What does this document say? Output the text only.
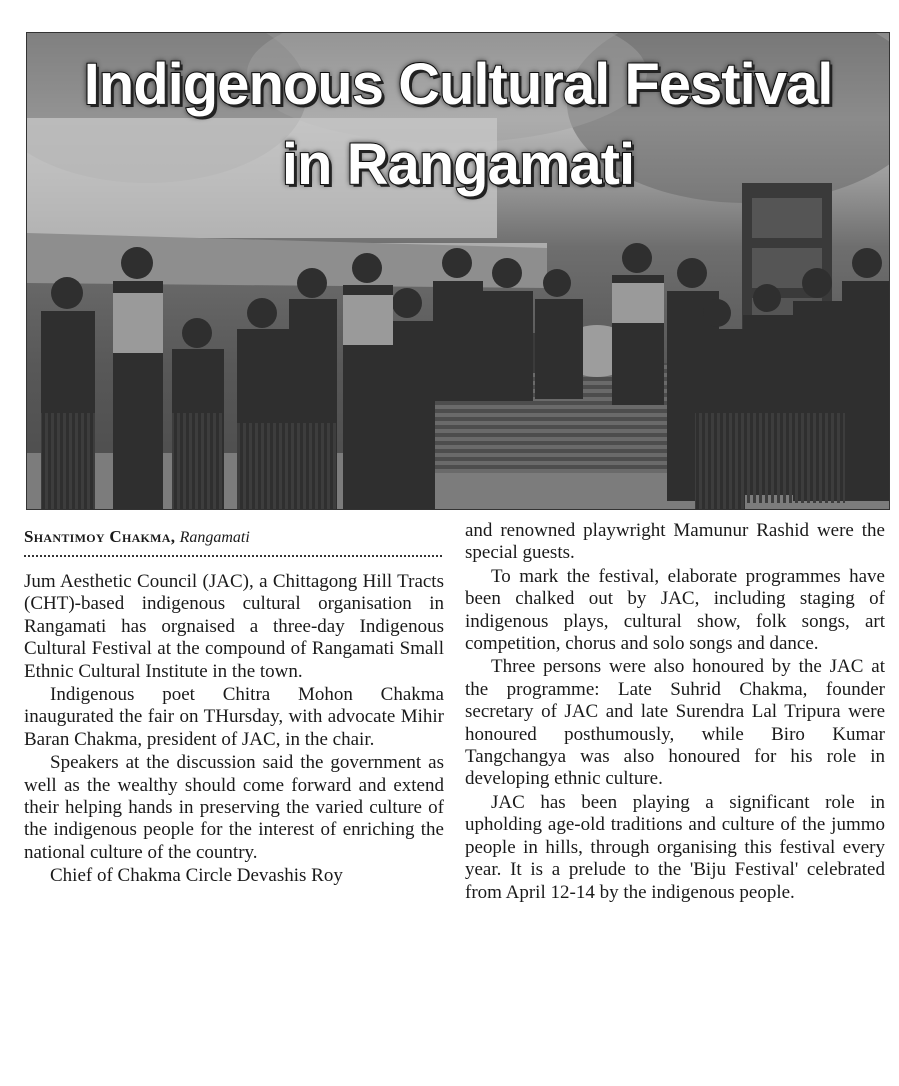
Indigenous Cultural Festival
in Rangamati
Shantimoy Chakma, Rangamati

Jum Aesthetic Council (JAC), a Chittagong Hill Tracts (CHT)-based indigenous cultural organisation in Rangamati has orgnaised a three-day Indigenous Cultural Festival at the compound of Rangamati Small Ethnic Cultural Institute in the town.

Indigenous poet Chitra Mohon Chakma inaugurated the fair on THursday, with advocate Mihir Baran Chakma, president of JAC, in the chair.

Speakers at the discussion said the government as well as the wealthy should come forward and extend their helping hands in preserving the varied culture of the indigenous people for the interest of enriching the national culture of the country.

Chief of Chakma Circle Devashis Roy

and renowned playwright Mamunur Rashid were the special guests.

To mark the festival, elaborate programmes have been chalked out by JAC, including staging of indigenous plays, cultural show, folk songs, art competition, chorus and solo songs and dance.

Three persons were also honoured by the JAC at the programme: Late Suhrid Chakma, founder secretary of JAC and late Surendra Lal Tripura were honoured posthumously, while Biro Kumar Tangchangya was also honoured for his role in developing ethnic culture.

JAC has been playing a significant role in upholding age-old traditions and culture of the jummo people in hills, through organising this festival every year. It is a prelude to the 'Biju Festival' celebrated from April 12-14 by the indigenous people.
